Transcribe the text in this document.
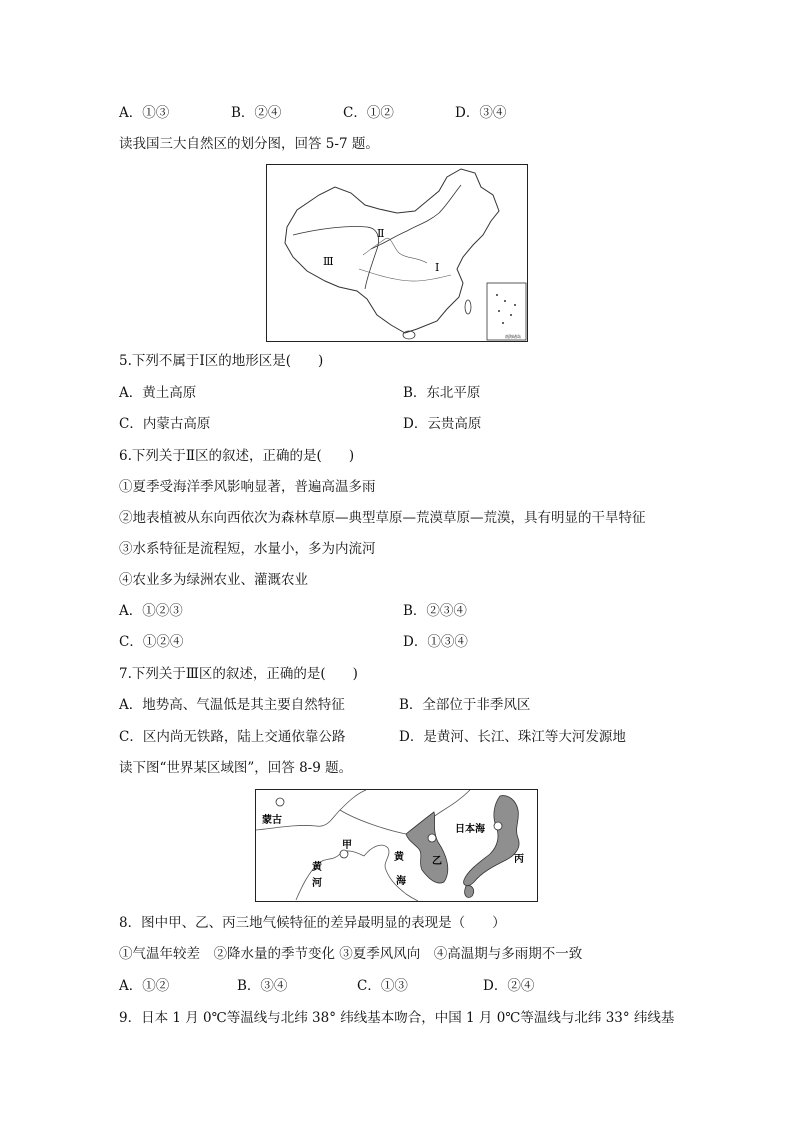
A．①③	B．②④	C．①②	D．③④
读我国三大自然区的划分图，回答 5-7 题。
Ⅱ
Ⅲ	Ⅰ
南海诸岛
5.下列不属于Ⅰ区的地形区是(　　)
A．黄土高原	B．东北平原
C．内蒙古高原	D．云贵高原
6.下列关于Ⅱ区的叙述，正确的是(　　)
①夏季受海洋季风影响显著，普遍高温多雨
②地表植被从东向西依次为森林草原—典型草原—荒漠草原—荒漠，具有明显的干旱特征
③水系特征是流程短，水量小，多为内流河
④农业多为绿洲农业、灌溉农业
A．①②③	B．②③④
C．①②④	D．①③④
7.下列关于Ⅲ区的叙述，正确的是(　　)
A．地势高、气温低是其主要自然特征	B．全部位于非季风区
C．区内尚无铁路，陆上交通依靠公路	D．是黄河、长江、珠江等大河发源地
读下图“世界某区域图”，回答 8-9 题。
蒙古
甲
黄
河
黄
海
乙
日本海
丙
8．图中甲、乙、丙三地气候特征的差异最明显的表现是（　　）
①气温年较差　②降水量的季节变化 ③夏季风风向　④高温期与多雨期不一致
A．①②	B．③④	C．①③	D．②④
9．日本 1 月 0℃等温线与北纬 38° 纬线基本吻合，中国 1 月 0℃等温线与北纬 33° 纬线基
